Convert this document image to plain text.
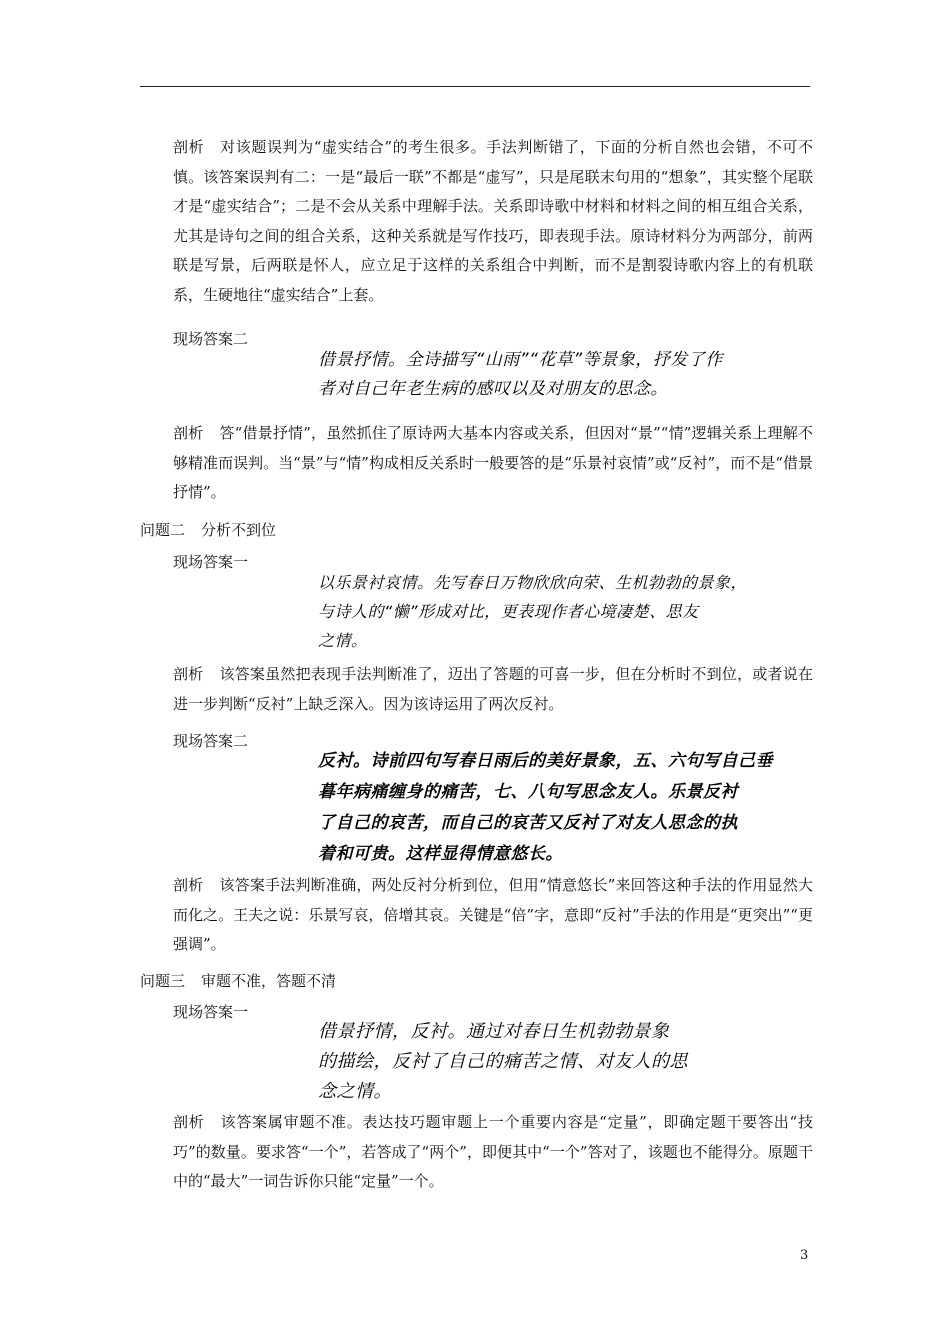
剖析 对该题误判为“虚实结合”的考生很多。手法判断错了，下面的分析自然也会错，不可不慎。该答案误判有二：一是“最后一联”不都是“虚写”，只是尾联末句用的“想象”，其实整个尾联才是“虚实结合”；二是不会从关系中理解手法。关系即诗歌中材料和材料之间的相互组合关系，尤其是诗句之间的组合关系，这种关系就是写作技巧，即表现手法。原诗材料分为两部分，前两联是写景，后两联是怀人，应立足于这样的关系组合中判断，而不是割裂诗歌内容上的有机联系，生硬地往“虚实结合”上套。
现场答案二
借景抒情。全诗描写“山雨”“花草”等景象，抒发了作
者对自己年老生病的感叹以及对朋友的思念。
剖析 答“借景抒情”，虽然抓住了原诗两大基本内容或关系，但因对“景”“情”逻辑关系上理解不够精准而误判。当“景”与“情”构成相反关系时一般要答的是“乐景衬哀情”或“反衬”，而不是“借景抒情”。
问题二 分析不到位
现场答案一
以乐景衬哀情。先写春日万物欣欣向荣、生机勃勃的景象，
与诗人的“懒”形成对比，更表现作者心境凄楚、思友
之情。
剖析 该答案虽然把表现手法判断准了，迈出了答题的可喜一步，但在分析时不到位，或者说在进一步判断“反衬”上缺乏深入。因为该诗运用了两次反衬。
现场答案二
反衬。诗前四句写春日雨后的美好景象，五、六句写自己垂
暮年病痛缠身的痛苦，七、八句写思念友人。乐景反衬
了自己的哀苦，而自己的哀苦又反衬了对友人思念的执
着和可贵。这样显得情意悠长。
剖析 该答案手法判断准确，两处反衬分析到位，但用“情意悠长”来回答这种手法的作用显然大而化之。王夫之说：乐景写哀，倍增其哀。关键是“倍”字，意即“反衬”手法的作用是“更突出”“更强调”。
问题三 审题不准，答题不清
现场答案一
借景抒情，反衬。通过对春日生机勃勃景象
的描绘，反衬了自己的痛苦之情、对友人的思
念之情。
剖析 该答案属审题不准。表达技巧题审题上一个重要内容是“定量”，即确定题干要答出“技巧”的数量。要求答“一个”，若答成了“两个”，即便其中“一个”答对了，该题也不能得分。原题干中的“最大”一词告诉你只能“定量”一个。
3
